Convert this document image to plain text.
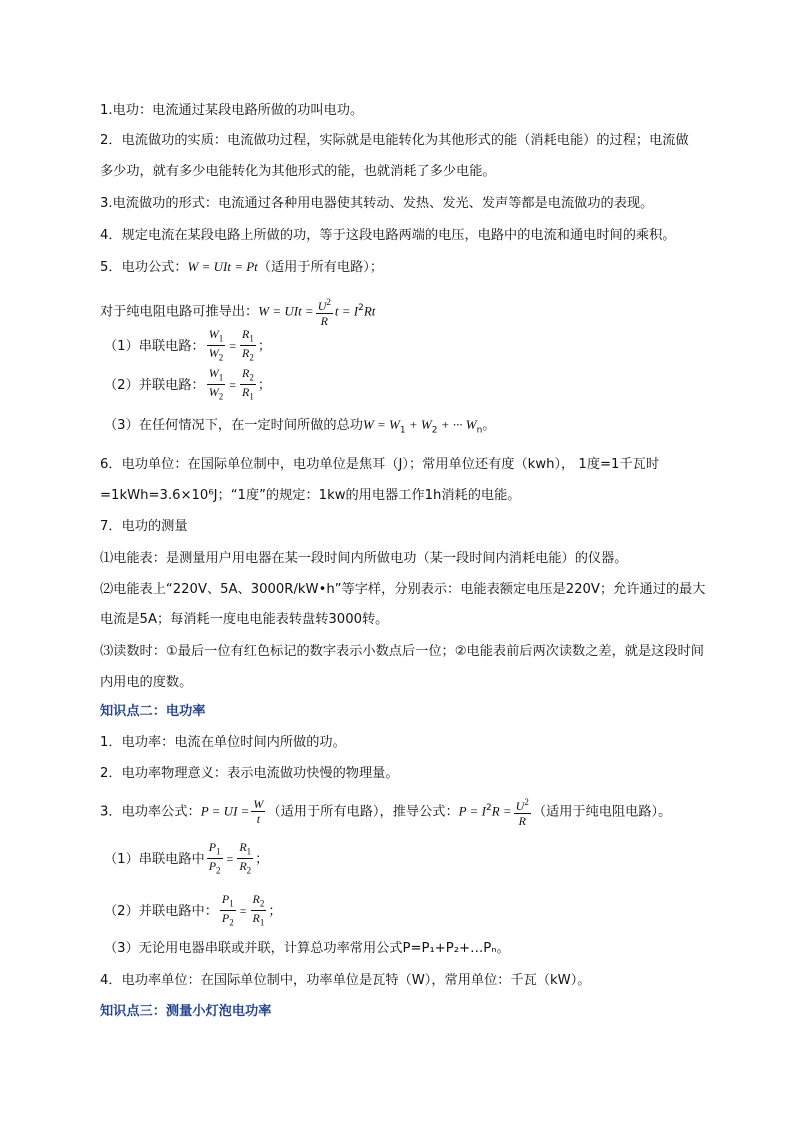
1.电功：电流通过某段电路所做的功叫电功。
2．电流做功的实质：电流做功过程，实际就是电能转化为其他形式的能（消耗电能）的过程；电流做
多少功，就有多少电能转化为其他形式的能，也就消耗了多少电能。
3.电流做功的形式：电流通过各种用电器使其转动、发热、发光、发声等都是电流做功的表现。
4．规定电流在某段电路上所做的功，等于这段电路两端的电压，电路中的电流和通电时间的乘积。
5．电功公式：W = UIt = Pt（适用于所有电路）；
对于纯电阻电路可推导出：W = UIt = $\frac{U^2}{R}$ $t = I^2Rt$
（1）串联电路： $\frac{W_1}{W_2} = \frac{R_1}{R_2}$ ；
（2）并联电路： $\frac{W_1}{W_2} = \frac{R_2}{R_1}$ ；
（3）在任何情况下，在一定时间所做的总功$W = W_1 + W_2$ + ··· $W_n$。
6．电功单位：在国际单位制中，电功单位是焦耳（J）；常用单位还有度（kwh）， 1度=1千瓦时
=1kWh=3.6×10⁶J；“1度”的规定：1kw的用电器工作1h消耗的电能。
7．电功的测量
⑴电能表：是测量用户用电器在某一段时间内所做电功（某一段时间内消耗电能）的仪器。
⑵电能表上“220V、5A、3000R/kW•h”等字样，分别表示：电能表额定电压是220V；允许通过的最大
电流是5A；每消耗一度电电能表转盘转3000转。
⑶读数时：①最后一位有红色标记的数字表示小数点后一位；②电能表前后两次读数之差，就是这段时间
内用电的度数。
知识点二：电功率
1．电功率：电流在单位时间内所做的功。
2．电功率物理意义：表示电流做功快慢的物理量。
3．电功率公式：P = UI = $\frac{W}{t}$ （适用于所有电路），推导公式：$P = I^2R = \frac{U^2}{R}$ （适用于纯电阻电路）。
（1）串联电路中 $\frac{P_1}{P_2} = \frac{R_1}{R_2}$ ；
（2）并联电路中： $\frac{P_1}{P_2} = \frac{R_2}{R_1}$ ；
（3）无论用电器串联或并联，计算总功率常用公式P=P₁+P₂+…Pₙ。
4．电功率单位：在国际单位制中，功率单位是瓦特（W），常用单位：千瓦（kW）。
知识点三：测量小灯泡电功率
